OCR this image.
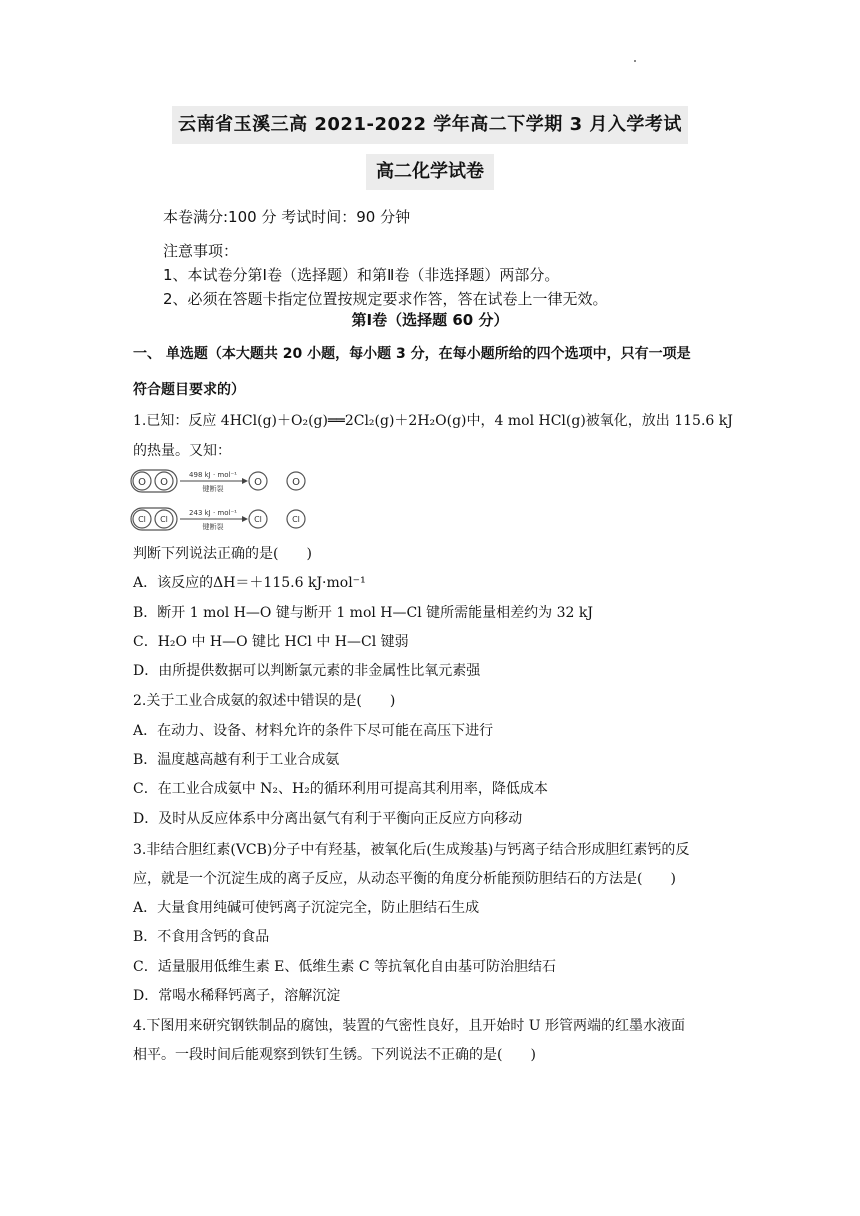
云南省玉溪三高 2021-2022 学年高二下学期 3 月入学考试
高二化学试卷
本卷满分:100 分 考试时间：90 分钟
注意事项：
1、本试卷分第Ⅰ卷（选择题）和第Ⅱ卷（非选择题）两部分。
2、必须在答题卡指定位置按规定要求作答，答在试卷上一律无效。
第Ⅰ卷（选择题 60 分）
一、 单选题（本大题共 20 小题，每小题 3 分，在每小题所给的四个选项中，只有一项是
符合题目要求的）
1.已知：反应 4HCl(g)＋O₂(g)══2Cl₂(g)＋2H₂O(g)中，4 mol HCl(g)被氧化，放出 115.6 kJ
的热量。又知：
O O
498 kJ · mol⁻¹
键断裂
O	O
Cl Cl
243 kJ · mol⁻¹
键断裂
Cl	Cl
判断下列说法正确的是(　　)
A．该反应的ΔH＝＋115.6 kJ·mol⁻¹
B．断开 1 mol H—O 键与断开 1 mol H—Cl 键所需能量相差约为 32 kJ
C．H₂O 中 H—O 键比 HCl 中 H—Cl 键弱
D．由所提供数据可以判断氯元素的非金属性比氧元素强
2.关于工业合成氨的叙述中错误的是(　　)
A．在动力、设备、材料允许的条件下尽可能在高压下进行
B．温度越高越有利于工业合成氨
C．在工业合成氨中 N₂、H₂的循环利用可提高其利用率，降低成本
D．及时从反应体系中分离出氨气有利于平衡向正反应方向移动
3.非结合胆红素(VCB)分子中有羟基，被氧化后(生成羧基)与钙离子结合形成胆红素钙的反
应，就是一个沉淀生成的离子反应，从动态平衡的角度分析能预防胆结石的方法是(　　)
A．大量食用纯碱可使钙离子沉淀完全，防止胆结石生成
B．不食用含钙的食品
C．适量服用低维生素 E、低维生素 C 等抗氧化自由基可防治胆结石
D．常喝水稀释钙离子，溶解沉淀
4.下图用来研究钢铁制品的腐蚀，装置的气密性良好，且开始时 U 形管两端的红墨水液面
相平。一段时间后能观察到铁钉生锈。下列说法不正确的是(　　)
